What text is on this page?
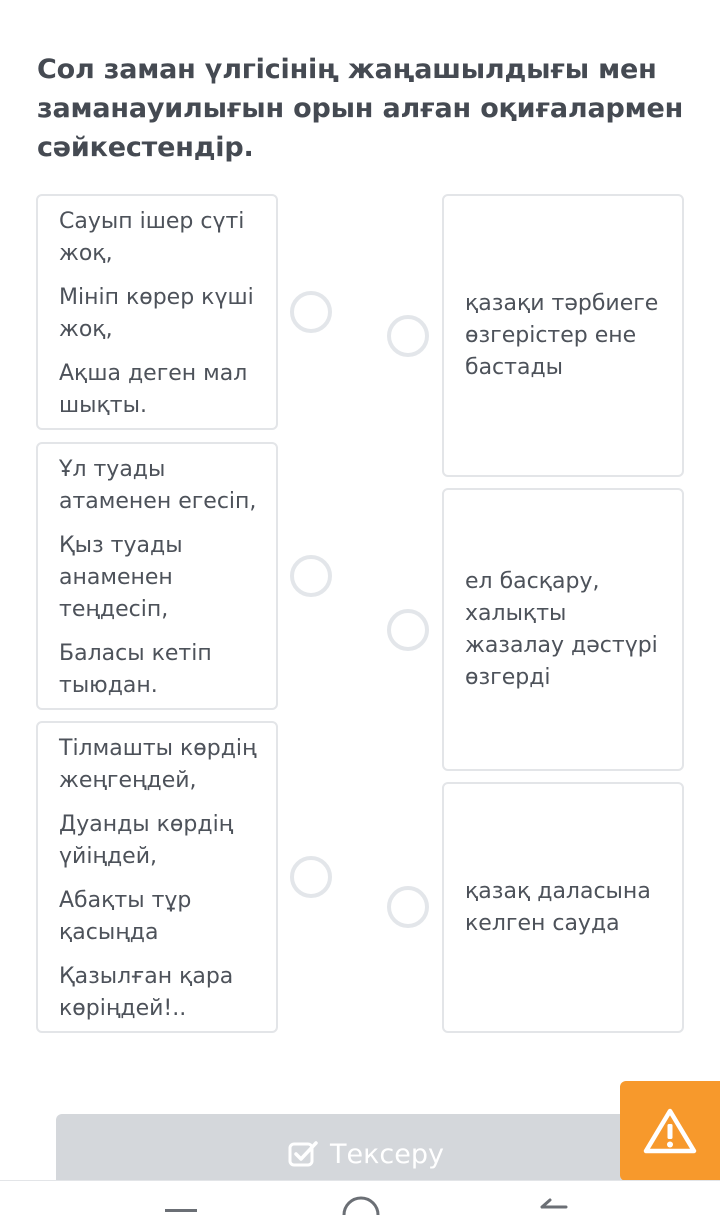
Сол заман үлгісінің жаңашылдығы мен заманауилығын орын алған оқиғалармен сәйкестендір.

Сауып ішер сүті жоқ,

Мініп көрер күші жоқ,

Ақша деген мал шықты.

Ұл туады атаменен егесіп,

Қыз туады анаменен теңдесіп,

Баласы кетіп тыюдан.

Тілмашты көрдің жеңгеңдей,

Дуанды көрдің үйіңдей,

Абақты тұр қасыңда

Қазылған қара көріңдей!..

қазақи тәрбиеге өзгерістер ене бастады
ел басқару, халықты жазалау дәстүрі өзгерді
қазақ даласына келген сауда
Тексеру
